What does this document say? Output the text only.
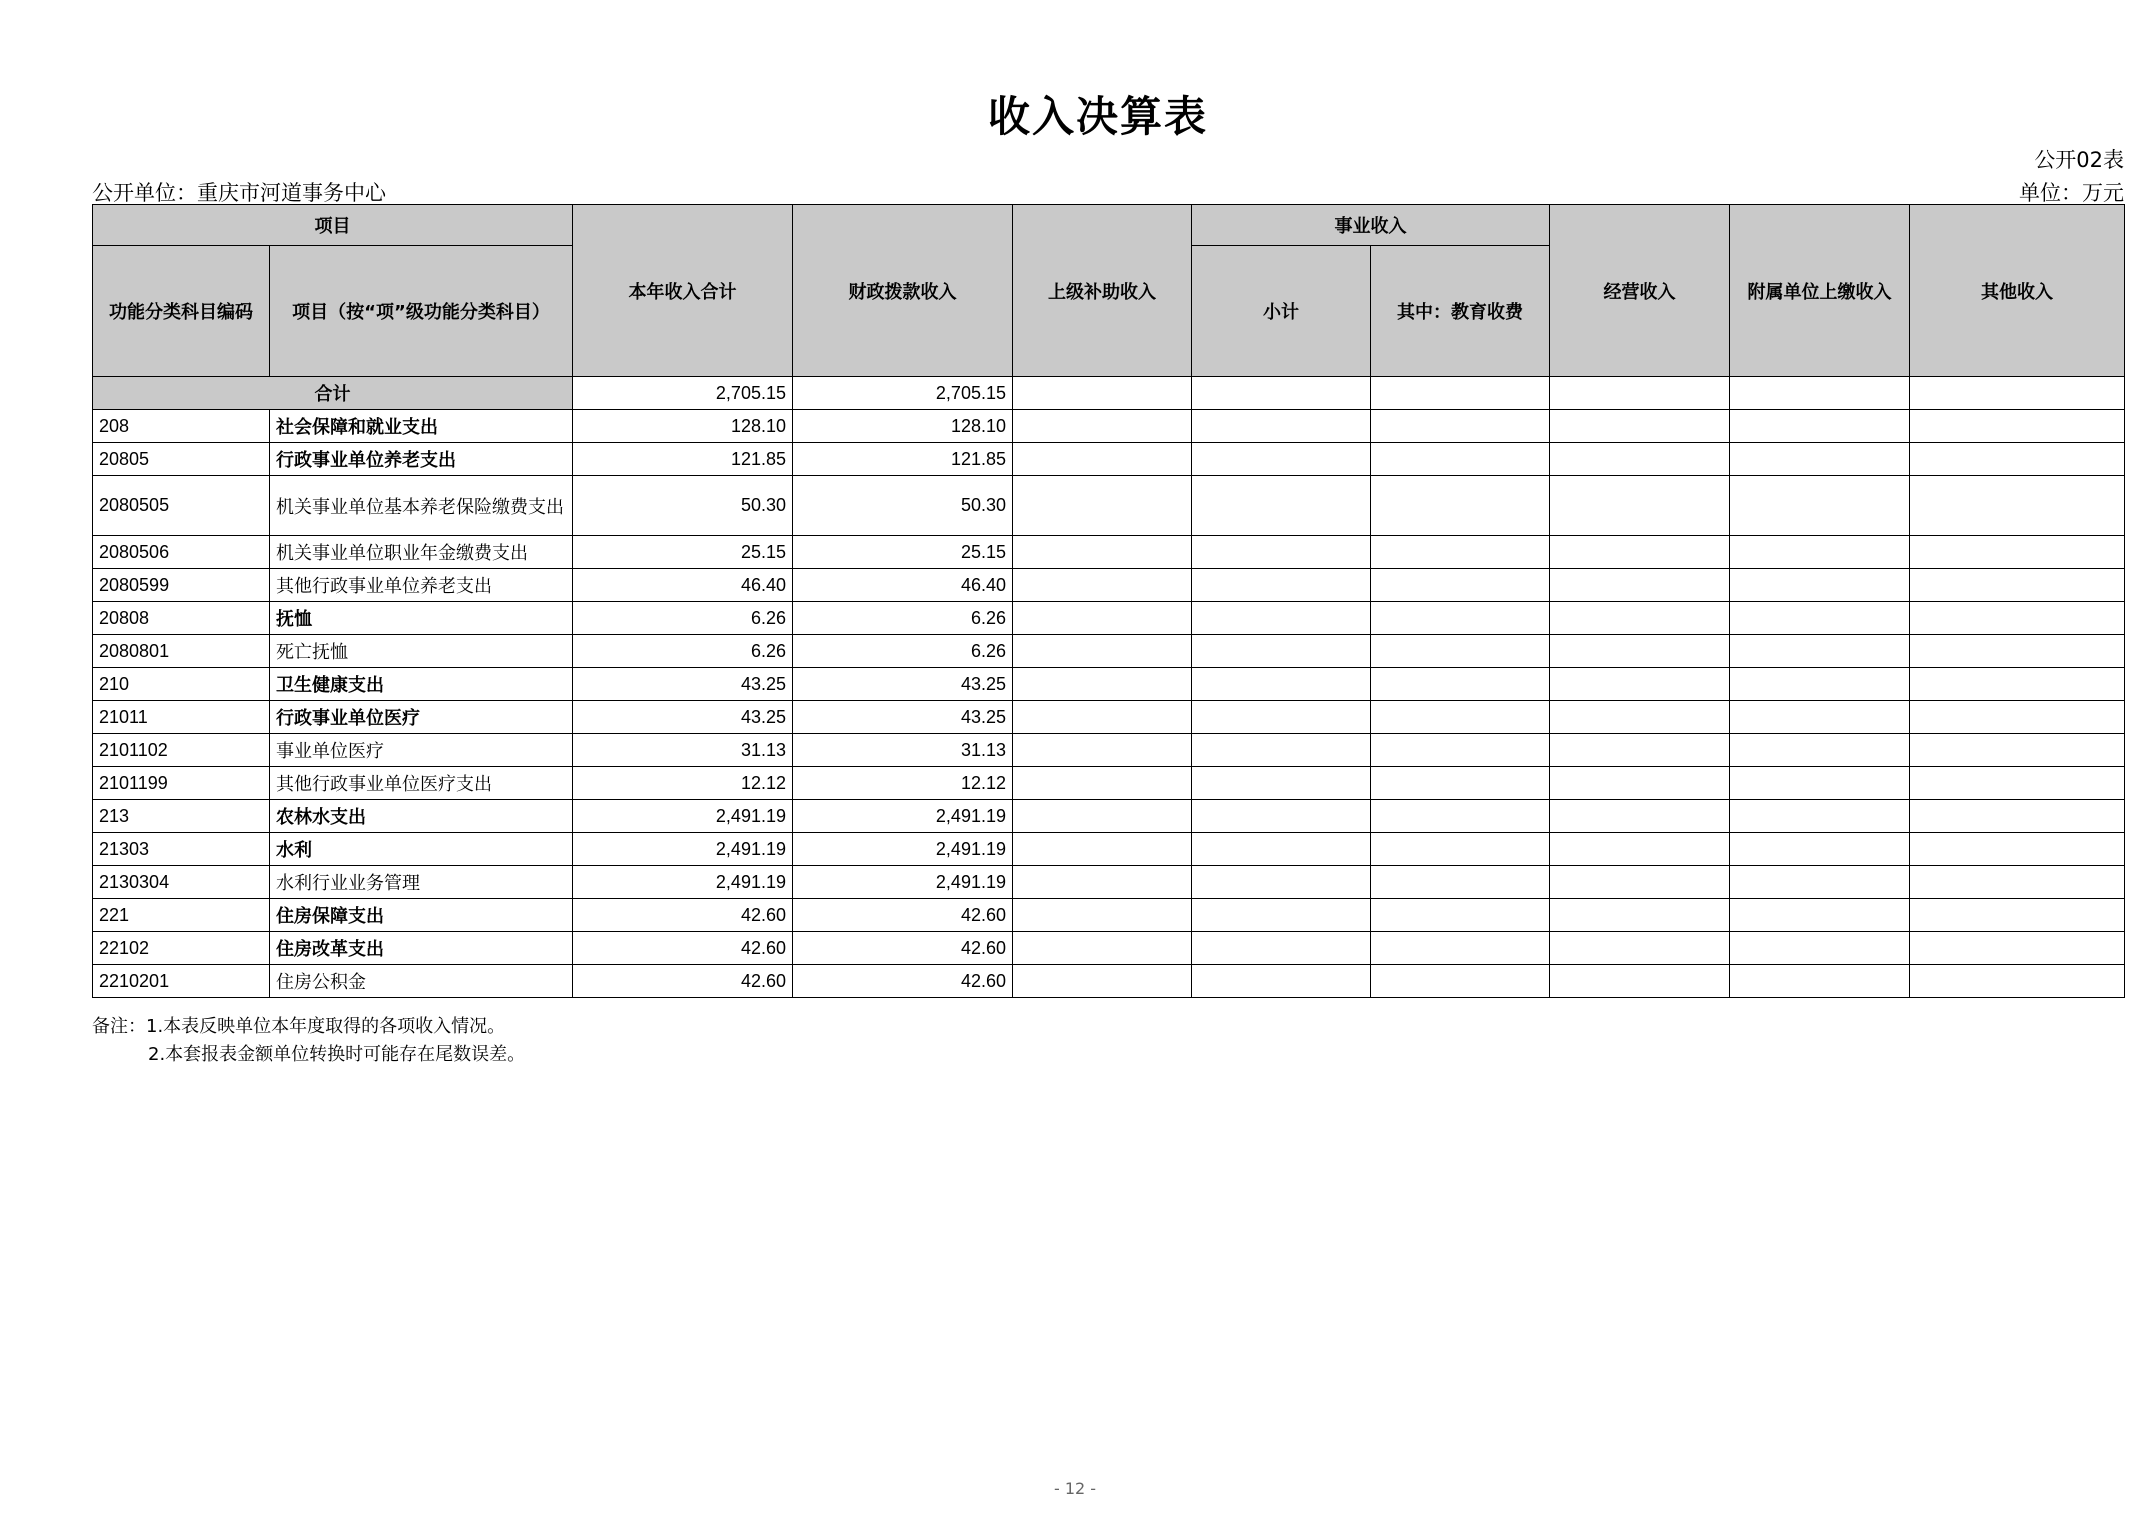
收入决算表
公开02表
公开单位：重庆市河道事务中心	单位：万元
项目		本年收入合计	财政拨款收入	上级补助收入	事业收入		经营收入	附属单位上缴收入	其他收入
功能分类科目编码	项目（按“项”级功能分类科目）				小计	其中：教育收费			
合计		2,705.15	2,705.15						
208	社会保障和就业支出	128.10	128.10						
20805	行政事业单位养老支出	121.85	121.85						
2080505	机关事业单位基本养老保险缴费支出	50.30	50.30						
2080506	机关事业单位职业年金缴费支出	25.15	25.15						
2080599	其他行政事业单位养老支出	46.40	46.40						
20808	抚恤	6.26	6.26						
2080801	死亡抚恤	6.26	6.26						
210	卫生健康支出	43.25	43.25						
21011	行政事业单位医疗	43.25	43.25						
2101102	事业单位医疗	31.13	31.13						
2101199	其他行政事业单位医疗支出	12.12	12.12						
213	农林水支出	2,491.19	2,491.19						
21303	水利	2,491.19	2,491.19						
2130304	水利行业业务管理	2,491.19	2,491.19						
221	住房保障支出	42.60	42.60						
22102	住房改革支出	42.60	42.60						
2210201	住房公积金	42.60	42.60						
备注：1.本表反映单位本年度取得的各项收入情况。
2.本套报表金额单位转换时可能存在尾数误差。
- 12 -
